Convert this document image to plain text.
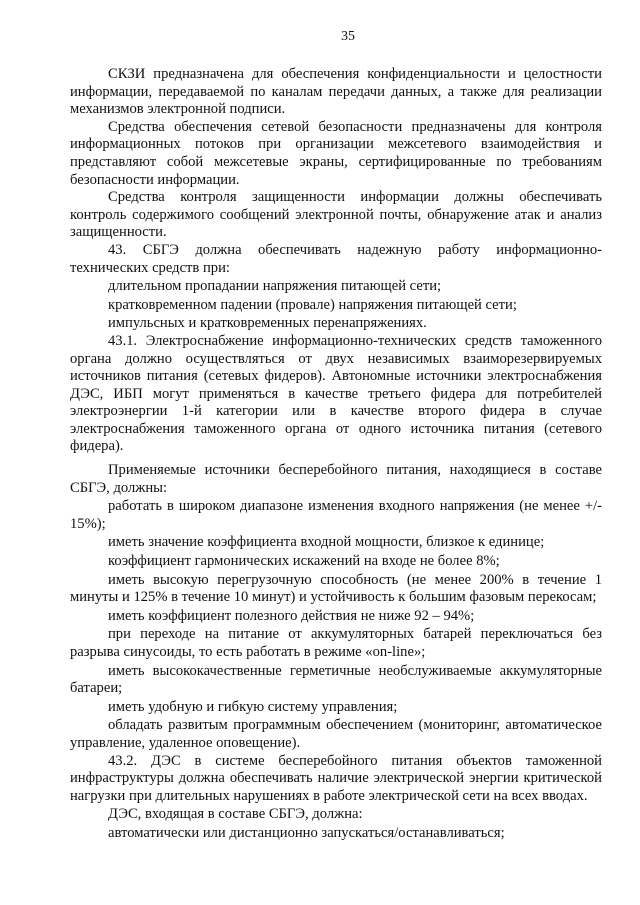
35

СКЗИ предназначена для обеспечения конфиденциальности и целостности информации, передаваемой по каналам передачи данных, а также для реализации механизмов электронной подписи.

Средства обеспечения сетевой безопасности предназначены для контроля информационных потоков при организации межсетевого взаимодействия и представляют собой межсетевые экраны, сертифицированные по требованиям безопасности информации.

Средства контроля защищенности информации должны обеспечивать контроль содержимого сообщений электронной почты, обнаружение атак и анализ защищенности.

43. СБГЭ должна обеспечивать надежную работу информационно-технических средств при:

длительном пропадании напряжения питающей сети;

кратковременном падении (провале) напряжения питающей сети;

импульсных и кратковременных перенапряжениях.

43.1. Электроснабжение информационно-технических средств таможенного органа должно осуществляться от двух независимых взаиморезервируемых источников питания (сетевых фидеров). Автономные источники электроснабжения ДЭС, ИБП могут применяться в качестве третьего фидера для потребителей электроэнергии 1-й категории или в качестве второго фидера в случае электроснабжения таможенного органа от одного источника питания (сетевого фидера).

Применяемые источники бесперебойного питания, находящиеся в составе СБГЭ, должны:

работать в широком диапазоне изменения входного напряжения (не менее +/- 15%);

иметь значение коэффициента входной мощности, близкое к единице;

коэффициент гармонических искажений на входе не более 8%;

иметь высокую перегрузочную способность (не менее 200% в течение 1 минуты и 125% в течение 10 минут) и устойчивость к большим фазовым перекосам;

иметь коэффициент полезного действия не ниже 92 – 94%;

при переходе на питание от аккумуляторных батарей переключаться без разрыва синусоиды, то есть работать в режиме «on-line»;

иметь высококачественные герметичные необслуживаемые аккумуляторные батареи;

иметь удобную и гибкую систему управления;

обладать развитым программным обеспечением (мониторинг, автоматическое управление, удаленное оповещение).

43.2. ДЭС в системе бесперебойного питания объектов таможенной инфраструктуры должна обеспечивать наличие электрической энергии критической нагрузки при длительных нарушениях в работе электрической сети на всех вводах.

ДЭС, входящая в составе СБГЭ, должна:

автоматически или дистанционно запускаться/останавливаться;
